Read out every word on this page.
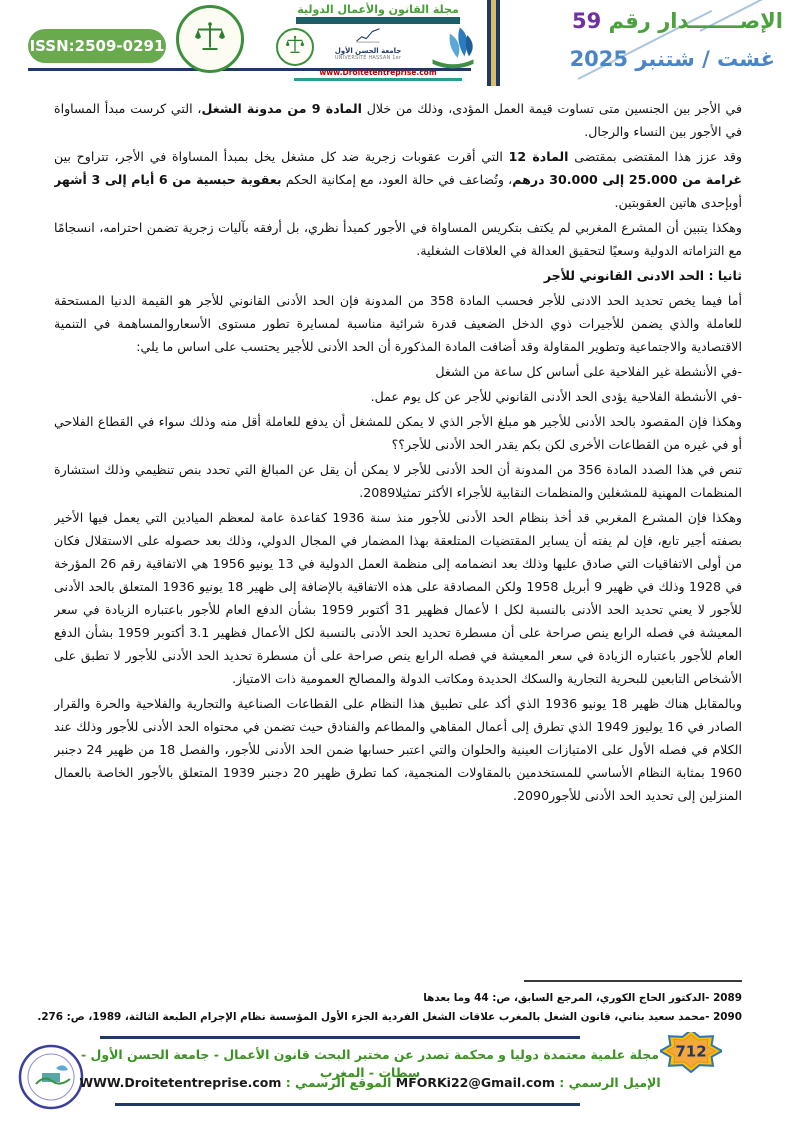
ISSN:2509-0291
مجلة القانون والأعمال الدولية
جامعة الحسن الأول
UNIVERSITÉ HASSAN 1er
www.Droitetentreprise.com
الإصـــــــدار رقم 59
غشت / شتنبر 2025

في الأجر بين الجنسين متى تساوت قيمة العمل المؤدى، وذلك من خلال المادة 9 من مدونة الشغل، التي كرست مبدأ المساواة في الأجور بين النساء والرجال.

وقد عزز هذا المقتضى بمقتضى المادة 12 التي أقرت عقوبات زجرية ضد كل مشغل يخل بمبدأ المساواة في الأجر، تتراوح بين غرامة من 25.000 إلى 30.000 درهم، وتُضاعف في حالة العود، مع إمكانية الحكم بعقوبة حبسية من 6 أيام إلى 3 أشهر أوبإحدى هاتين العقوبتين.

وهكذا يتبين أن المشرع المغربي لم يكتف بتكريس المساواة في الأجور كمبدأ نظري، بل أرفقه بآليات زجرية تضمن احترامه، انسجامًا مع التزاماته الدولية وسعيًا لتحقيق العدالة في العلاقات الشغلية.

ثانيا : الحد الادنى القانوني للأجر

أما فيما يخص تحديد الحد الادنى للأجر فحسب المادة 358 من المدونة فإن الحد الأدنى القانوني للأجر هو القيمة الدنيا المستحقة للعاملة والذي يضمن للأجيرات ذوي الدخل الضعيف قدرة شرائية مناسبة لمسايرة تطور مستوى الأسعاروالمساهمة في التنمية الاقتصادية والاجتماعية وتطوير المقاولة وقد أضافت المادة المذكورة أن الحد الأدنى للأجير يحتسب على اساس ما يلي:

-في الأنشطة غير الفلاحية على أساس كل ساعة من الشغل

-في الأنشطة الفلاحية يؤدى الحد الأدنى القانوني للأجر عن كل يوم عمل.

وهكذا فإن المقصود بالحد الأدنى للأجير هو مبلغ الأجر الذي لا يمكن للمشغل أن يدفع للعاملة أقل منه وذلك سواء في القطاع الفلاحي أو في غيره من القطاعات الأخرى لكن بكم يقدر الحد الأدنى للأجر؟؟

تنص في هذا الصدد المادة 356 من المدونة أن الحد الأدنى للأجر لا يمكن أن يقل عن المبالغ التي تحدد بنص تنظيمي وذلك استشارة المنظمات المهنية للمشغلين والمنظمات النقابية للأجراء الأكثر تمثيلا2089.

وهكذا فإن المشرع المغربي قد أخذ بنظام الحد الأدنى للأجور منذ سنة 1936 كقاعدة عامة لمعظم الميادين التي يعمل فيها الأخير بصفته أجير تابع، فإن لم يفته أن يساير المقتضيات المتلعقة بهذا المضمار في المجال الدولي، وذلك بعد حصوله على الاستقلال فكان من أولى الاتفاقيات التي صادق عليها وذلك بعد انضمامه إلى منظمة العمل الدولية في 13 يونيو 1956 هي الاتفاقية رقم 26 المؤرخة في 1928 وذلك في ظهير 9 أبريل 1958 ولكن المصادقة على هذه الاتفاقية بالإضافة إلى ظهير 18 يونيو 1936 المتعلق بالحد الأدنى للأجور لا يعني تحديد الحد الأدنى بالنسبة لكل ا لأعمال فظهير 31 أكتوبر 1959 بشأن الدفع العام للأجور باعتباره الزيادة في سعر المعيشة في فصله الرابع ينص صراحة على أن مسطرة تحديد الحد الأدنى بالنسبة لكل الأعمال فظهير 3.1 أكتوبر 1959 بشأن الدفع العام للأجور باعتباره الزيادة في سعر المعيشة في فصله الرابع ينص صراحة على أن مسطرة تحديد الحد الأدنى للأجور لا تطبق على الأشخاص التابعين للبحرية التجارية والسكك الحديدة ومكاتب الدولة والمصالح العمومية ذات الامتياز.

وبالمقابل هناك ظهير 18 يونيو 1936 الذي أكد على تطبيق هذا النظام على القطاعات الصناعية والتجارية والفلاحية والحرة والقرار الصادر في 16 يوليوز 1949 الذي تطرق إلى أعمال المقاهي والمطاعم والفنادق حيث تضمن في محتواه الحد الأدنى للأجور وذلك عند الكلام في فصله الأول على الامتيازات العينية والحلوان والتي اعتبر حسابها ضمن الحد الأدنى للأجور، والفصل 18 من ظهير 24 دجنبر 1960 بمثابة النظام الأساسي للمستخدمين بالمقاولات المنجمية، كما تطرق ظهير 20 دجنبر 1939 المتعلق بالأجور الخاصة بالعمال المنزلين إلى تحديد الحد الأدنى للأجور2090.

2089 -الدكتور الحاج الكوري، المرجع السابق، ص: 44 وما بعدها
2090 -محمد سعيد بناني، قانون الشغل بالمغرب علاقات الشغل الفردية الجزء الأول المؤسسة نظام الإجرام الطبعة الثالثة، 1989، ص: 276.
712
مجلة علمية معتمدة دوليا و محكمة تصدر عن مختبر البحث قانون الأعمال - جامعة الحسن الأول - سطات - المغرب
الإميل الرسمي : MFORKi22@Gmail.com الموقع الرسمي : WWW.Droitetentreprise.com
